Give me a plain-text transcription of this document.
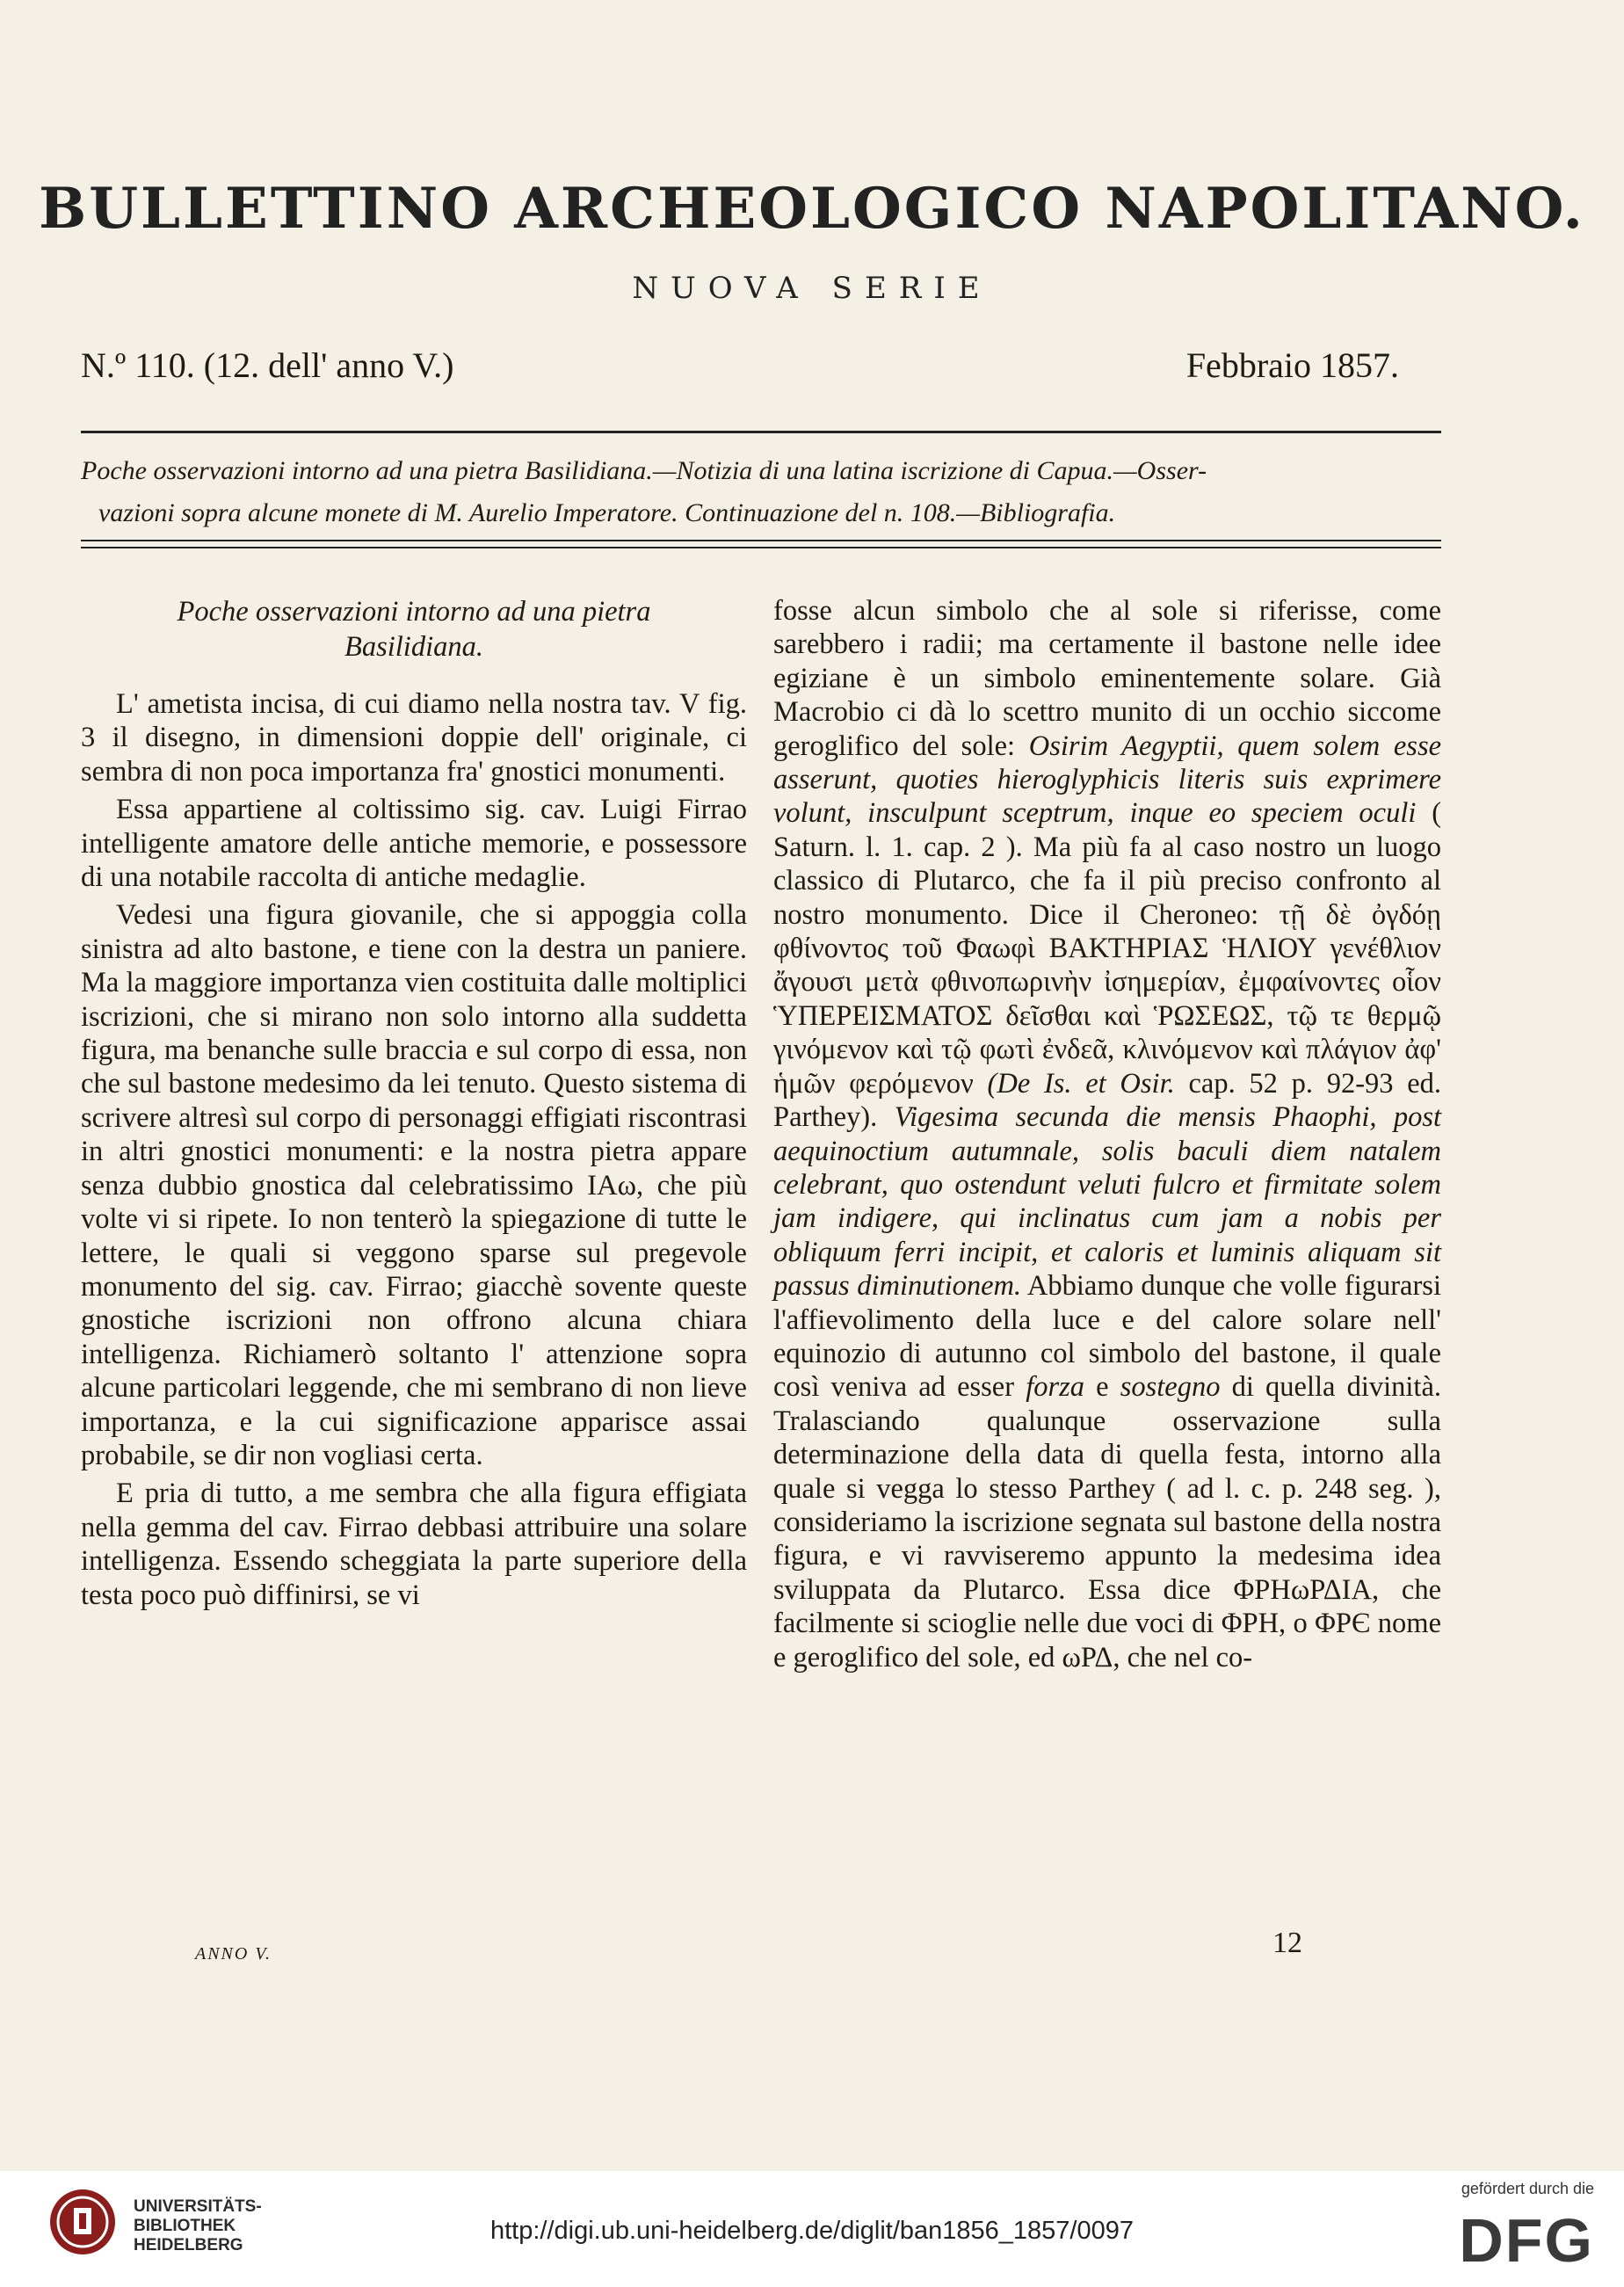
BULLETTINO ARCHEOLOGICO NAPOLITANO.
NUOVA SERIE
N.º 110. (12. dell' anno V.)	Febbraio 1857.
Poche osservazioni intorno ad una pietra Basilidiana.—Notizia di una latina iscrizione di Capua.—Osser-
vazioni sopra alcune monete di M. Aurelio Imperatore. Continuazione del n. 108.—Bibliografia.
Poche osservazioni intorno ad una pietra
Basilidiana.

L' ametista incisa, di cui diamo nella nostra tav. V fig. 3 il disegno, in dimensioni doppie dell' originale, ci sembra di non poca importanza fra' gnostici monumenti.

Essa appartiene al coltissimo sig. cav. Luigi Firrao intelligente amatore delle antiche memorie, e possessore di una notabile raccolta di antiche medaglie.

Vedesi una figura giovanile, che si appoggia colla sinistra ad alto bastone, e tiene con la destra un paniere. Ma la maggiore importanza vien costituita dalle moltiplici iscrizioni, che si mirano non solo intorno alla suddetta figura, ma benanche sulle braccia e sul corpo di essa, non che sul bastone medesimo da lei tenuto. Questo sistema di scrivere altresì sul corpo di personaggi effigiati riscontrasi in altri gnostici monumenti: e la nostra pietra appare senza dubbio gnostica dal celebratissimo IAω, che più volte vi si ripete. Io non tenterò la spiegazione di tutte le lettere, le quali si veggono sparse sul pregevole monumento del sig. cav. Firrao; giacchè sovente queste gnostiche iscrizioni non offrono alcuna chiara intelligenza. Richiamerò soltanto l' attenzione sopra alcune particolari leggende, che mi sembrano di non lieve importanza, e la cui significazione apparisce assai probabile, se dir non vogliasi certa.

E pria di tutto, a me sembra che alla figura effigiata nella gemma del cav. Firrao debbasi attribuire una solare intelligenza. Essendo scheggiata la parte superiore della testa poco può diffinirsi, se vi

fosse alcun simbolo che al sole si riferisse, come sarebbero i radii; ma certamente il bastone nelle idee egiziane è un simbolo eminentemente solare. Già Macrobio ci dà lo scettro munito di un occhio siccome geroglifico del sole: Osirim Aegyptii, quem solem esse asserunt, quoties hieroglyphicis literis suis exprimere volunt, insculpunt sceptrum, inque eo speciem oculi ( Saturn. l. 1. cap. 2 ). Ma più fa al caso nostro un luogo classico di Plutarco, che fa il più preciso confronto al nostro monumento. Dice il Cheroneo: τῇ δὲ ὀγδόῃ φθίνοντος τοῦ Φαωφὶ ΒΑΚΤΗΡΙΑΣ ἩΛΙΟΥ γενέθλιον ἄγουσι μετὰ φθινοπωρινὴν ἰσημερίαν, ἐμφαίνοντες οἷον ὙΠΕΡΕΙΣΜΑΤΟΣ δεῖσθαι καὶ ῬΩΣΕΩΣ, τῷ τε θερμῷ γινόμενον καὶ τῷ φωτὶ ἐνδεᾶ, κλινόμενον καὶ πλάγιον ἀφ' ἡμῶν φερόμενον (De Is. et Osir. cap. 52 p. 92-93 ed. Parthey). Vigesima secunda die mensis Phaophi, post aequinoctium autumnale, solis baculi diem natalem celebrant, quo ostendunt veluti fulcro et firmitate solem jam indigere, qui inclinatus cum jam a nobis per obliquum ferri incipit, et caloris et luminis aliquam sit passus diminutionem. Abbiamo dunque che volle figurarsi l'affievolimento della luce e del calore solare nell' equinozio di autunno col simbolo del bastone, il quale così veniva ad esser forza e sostegno di quella divinità. Tralasciando qualunque osservazione sulla determinazione della data di quella festa, intorno alla quale si vegga lo stesso Parthey ( ad l. c. p. 248 seg. ), consideriamo la iscrizione segnata sul bastone della nostra figura, e vi ravviseremo appunto la medesima idea sviluppata da Plutarco. Essa dice ΦΡΗωΡΔΙΑ, che facilmente si scioglie nelle due voci di ΦΡΗ, o ΦΡЄ nome e geroglifico del sole, ed ωΡΔ, che nel co-

ANNO V.	12
UNIVERSITÄTS-
BIBLIOTHEK
HEIDELBERG
http://digi.ub.uni-heidelberg.de/diglit/ban1856_1857/0097
gefördert durch die
DFG
